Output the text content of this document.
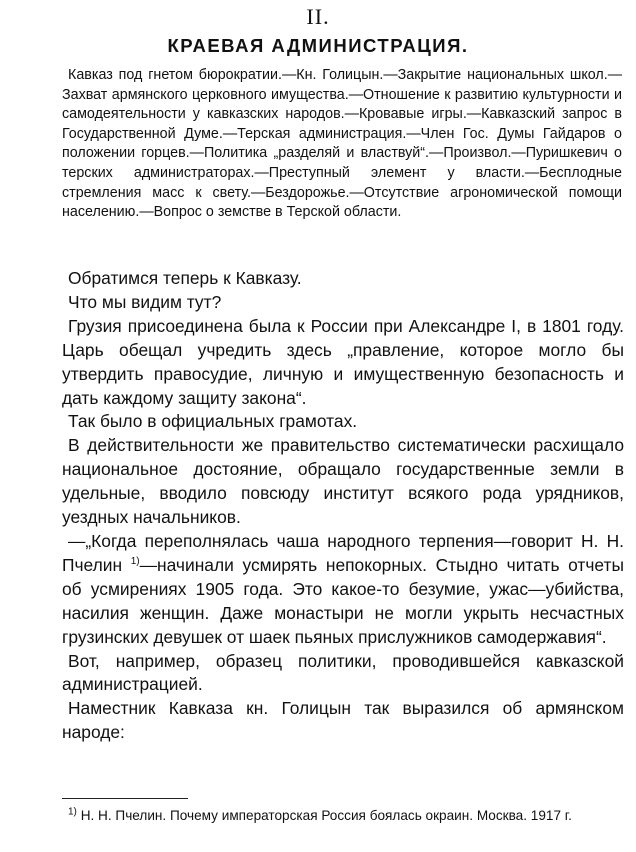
II.
КРАЕВАЯ АДМИНИСТРАЦИЯ.
Кавказ под гнетом бюрократии.—Кн. Голицын.—Закрытие национальных школ.—Захват армянского церковного имущества.—Отношение к развитию культурности и самодеятельности у кавказских народов.—Кровавые игры.—Кавказский запрос в Государственной Думе.—Терская администрация.—Член Гос. Думы Гайдаров о положении горцев.—Политика „разделяй и властвуй“.—Произвол.—Пуришкевич о терских администраторах.—Преступный элемент у власти.—Бесплодные стремления масс к свету.—Бездорожье.—Отсутствие агрономической помощи населению.—Вопрос о земстве в Терской области.

Обратимся теперь к Кавказу.

Что мы видим тут?

Грузия присоединена была к России при Александре I, в 1801 году. Царь обещал учредить здесь „правление, которое могло бы утвердить правосудие, личную и имущественную безопасность и дать каждому защиту закона“.

Так было в официальных грамотах.

В действительности же правительство систематически расхищало национальное достояние, обращало государственные земли в удельные, вводило повсюду институт всякого рода урядников, уездных начальников.

—„Когда переполнялась чаша народного терпения—говорит Н. Н. Пчелин $^{1)}$—начинали усмирять непокорных. Стыдно читать отчеты об усмирениях 1905 года. Это какое-то безумие, ужас—убийства, насилия женщин. Даже монастыри не могли укрыть несчастных грузинских девушек от шаек пьяных прислужников самодержавия“.

Вот, например, образец политики, проводившейся кавказской администрацией.

Наместник Кавказа кн. Голицын так выразился об армянском народе:

$^{1)}$ Н. Н. Пчелин. Почему императорская Россия боялась окраин. Москва. 1917 г.
